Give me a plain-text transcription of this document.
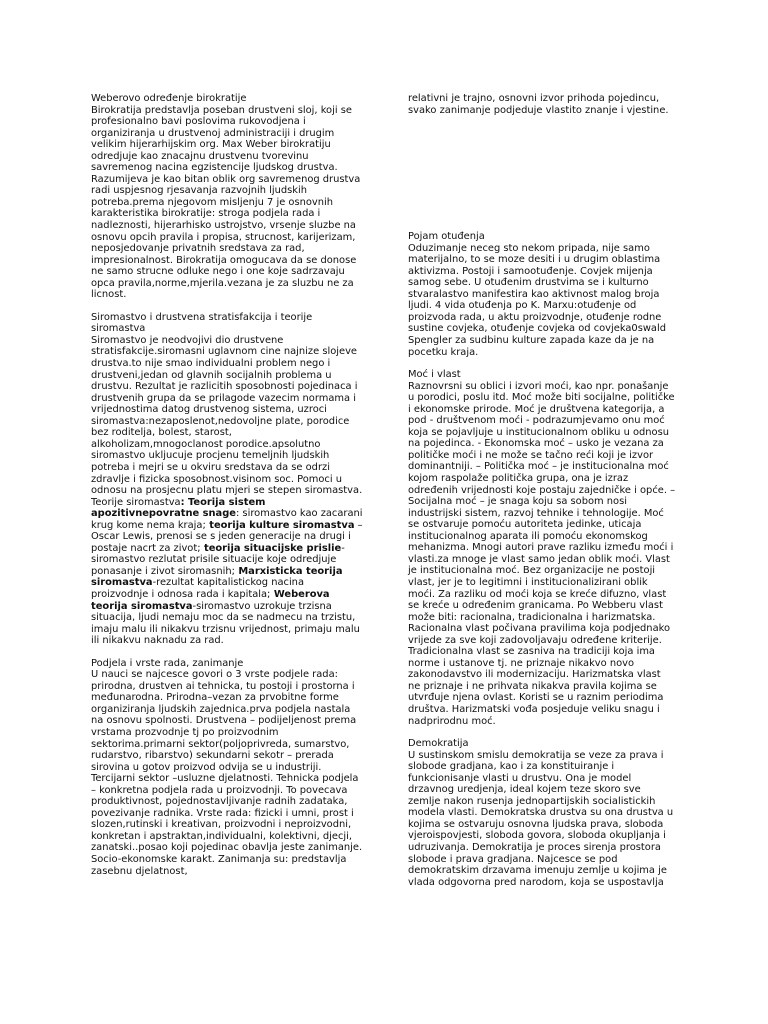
Weberovo određenje birokratije

Birokratija predstavlja poseban drustveni sloj, koji se profesionalno bavi poslovima rukovodjena i organiziranja u drustvenoj administraciji i drugim velikim hijerarhijskim org. Max Weber birokratiju odredjuje kao znacajnu drustvenu tvorevinu savremenog nacina egzistencije ljudskog drustva. Razumijeva je kao bitan oblik org savremenog drustva radi uspjesnog rjesavanja razvojnih ljudskih potreba.prema njegovom misljenju 7 je osnovnih karakteristika birokratije: stroga podjela rada i nadleznosti, hijerarhisko ustrojstvo, vrsenje sluzbe na osnovu opcih pravila i propisa, strucnost, karijerizam, neposjedovanje privatnih sredstava za rad, impresionalnost. Birokratija omogucava da se donose ne samo strucne odluke nego i one koje sadrzavaju opca pravila,norme,mjerila.vezana je za sluzbu ne za licnost.

Siromastvo i drustvena stratisfakcija i teorije siromastva

Siromastvo je neodvojivi dio drustvene stratisfakcije.siromasni uglavnom cine najnize slojeve drustva.to nije smao individualni problem nego i drustveni,jedan od glavnih socijalnih problema u drustvu. Rezultat je razlicitih sposobnosti pojedinaca i drustvenih grupa da se prilagode vazecim normama i vrijednostima datog drustvenog sistema, uzroci siromastva:nezaposlenot,nedovoljne plate, porodice bez roditelja, bolest, starost, alkoholizam,mnogoclanost porodice.apsolutno siromastvo ukljucuje procjenu temeljnih ljudskih potreba i mejri se u okviru sredstava da se odrzi zdravlje i fizicka sposobnost.visinom soc. Pomoci u odnosu na prosjecnu platu mjeri se stepen siromastva. Teorije siromastva: Teorija sistem apozitivnepovratne snage: siromastvo kao zacarani krug kome nema kraja; teorija kulture siromastva – Oscar Lewis, prenosi se s jeden generacije na drugi i postaje nacrt za zivot; teorija situacijske prislie-siromastvo rezlutat prisile situacije koje odredjuje ponasanje i zivot siromasnih; Marxisticka teorija siromastva-rezultat kapitalistickog nacina proizvodnje i odnosa rada i kapitala; Weberova teorija siromastva-siromastvo uzrokuje trzisna situacija, ljudi nemaju moc da se nadmecu na trzistu, imaju malu ili nikakvu trzisnu vrijednost, primaju malu ili nikakvu naknadu za rad.

Podjela i vrste rada, zanimanje

U nauci se najcesce govori o 3 vrste podjele rada: prirodna, drustven ai tehnicka, tu postoji i prostorna i međunarodna. Prirodna–vezan za prvobitne forme organiziranja ljudskih zajednica.prva podjela nastala na osnovu spolnosti. Drustvena – podijeljenost prema vrstama prozvodnje tj po proizvodnim sektorima.primarni sektor(poljoprivreda, sumarstvo, rudarstvo, ribarstvo) sekundarni sekotr – prerada sirovina u gotov proizvod odvija se u industriji. Tercijarni sektor –usluzne djelatnosti. Tehnicka podjela – konkretna podjela rada u proizvodnji. To povecava produktivnost, pojednostavljivanje radnih zadataka, povezivanje radnika. Vrste rada: fizicki i umni, prost i slozen,rutinski i kreativan, proizvodni i neproizvodni, konkretan i apstraktan,individualni, kolektivni, djecji, zanatski..posao koji pojedinac obavlja jeste zanimanje. Socio-ekonomske karakt. Zanimanja su: predstavlja zasebnu djelatnost,

relativni je trajno, osnovni izvor prihoda pojedincu, svako zanimanje podjeduje vlastito znanje i vjestine.

Pojam otuđenja

Oduzimanje neceg sto nekom pripada, nije samo materijalno, to se moze desiti i u drugim oblastima aktivizma. Postoji i samootuđenje. Covjek mijenja samog sebe. U otuđenim drustvima se i kulturno stvaralastvo manifestira kao aktivnost malog broja ljudi. 4 vida otuđenja po K. Marxu:otuđenje od proizvoda rada, u aktu proizvodnje, otuđenje rodne sustine covjeka, otuđenje covjeka od covjeka0swald Spengler za sudbinu kulture zapada kaze da je na pocetku kraja.

Moć i vlast

Raznovrsni su oblici i izvori moći, kao npr. ponašanje u porodici, poslu itd. Moć može biti socijalne, političke i ekonomske prirode. Moć je društvena kategorija, a pod - društvenom moći - podrazumjevamo onu moć koja se pojavljuje u institucionalnom obliku u odnosu na pojedinca. - Ekonomska moć – usko je vezana za političke moći i ne može se tačno reći koji je izvor dominantniji. – Politička moć – je institucionalna moć kojom raspolaže politička grupa, ona je izraz određenih vrijednosti koje postaju zajedničke i opće. – Socijalna moć – je snaga koju sa sobom nosi industrijski sistem, razvoj tehnike i tehnologije. Moć se ostvaruje pomoću autoriteta jedinke, uticaja institucionalnog aparata ili pomoću ekonomskog mehanizma. Mnogi autori prave razliku između moći i vlasti.za mnoge je vlast samo jedan oblik moći. Vlast je institucionalna moć. Bez organizacije ne postoji vlast, jer je to legitimni i institucionalizirani oblik moći. Za razliku od moći koja se kreće difuzno, vlast se kreće u određenim granicama. Po Webberu vlast može biti: racionalna, tradicionalna i harizmatska. Racionalna vlast počivana pravilima koja podjednako vrijede za sve koji zadovoljavaju određene kriterije. Tradicionalna vlast se zasniva na tradiciji koja ima norme i ustanove tj. ne priznaje nikakvo novo zakonodavstvo ili modernizaciju. Harizmatska vlast ne priznaje i ne prihvata nikakva pravila kojima se utvrđuje njena ovlast. Koristi se u raznim periodima društva. Harizmatski vođa posjeduje veliku snagu i nadprirodnu moć.

Demokratija

U sustinskom smislu demokratija se veze za prava i slobode gradjana, kao i za konstituiranje i funkcionisanje vlasti u drustvu. Ona je model drzavnog uredjenja, ideal kojem teze skoro sve zemlje nakon rusenja jednopartijskih socialistickih modela vlasti. Demokratska drustva su ona drustva u kojima se ostvaruju osnovna ljudska prava, sloboda vjeroispovjesti, sloboda govora, sloboda okupljanja i udruzivanja. Demokratija je proces sirenja prostora slobode i prava gradjana. Najcesce se pod demokratskim drzavama imenuju zemlje u kojima je vlada odgovorna pred narodom, koja se uspostavlja
